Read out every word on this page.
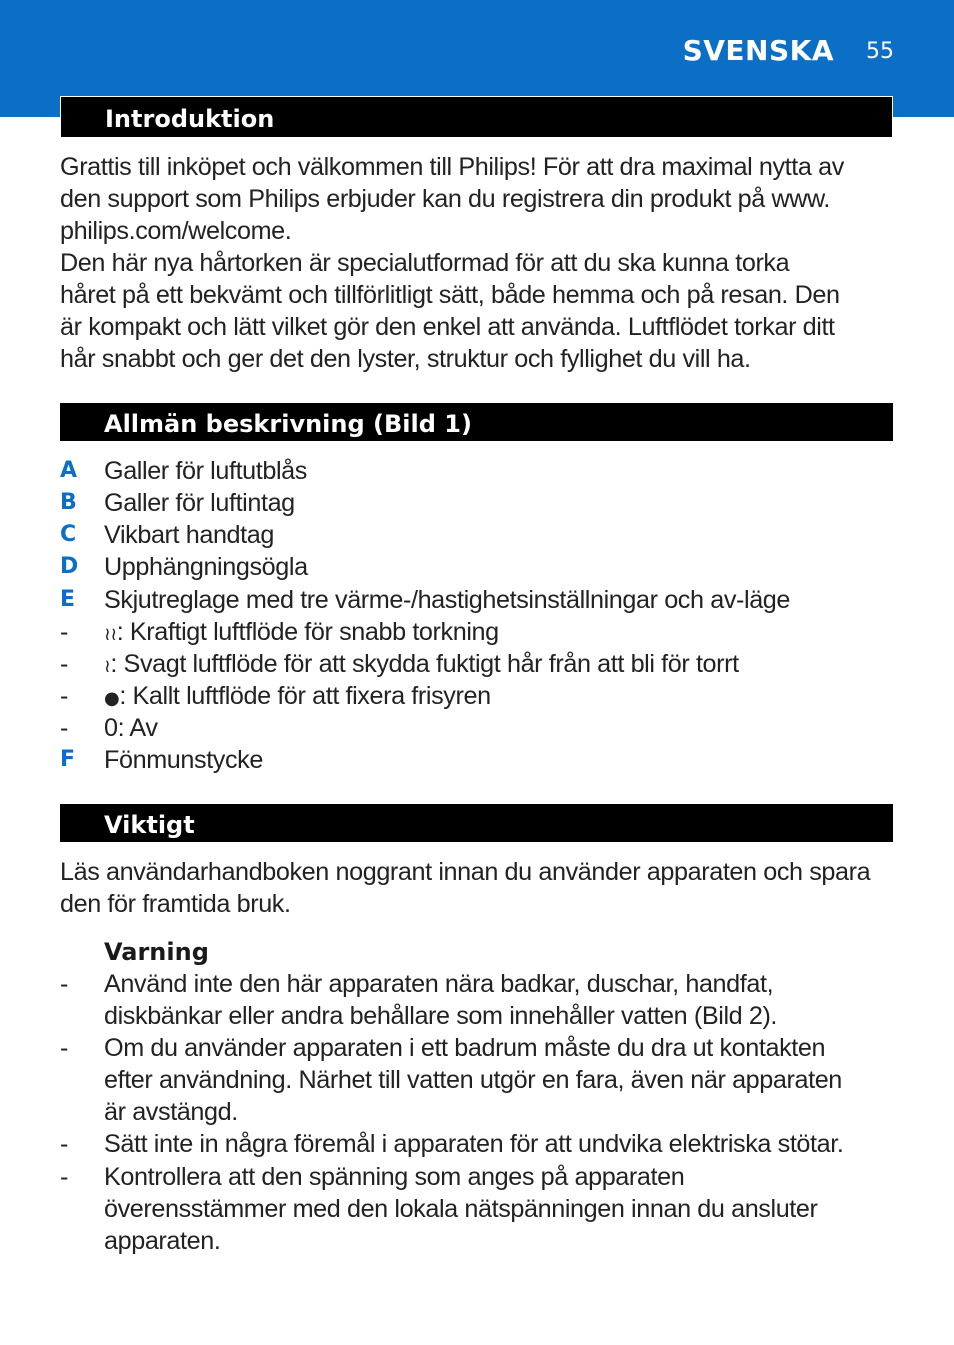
SVENSKA 55
Introduktion
Grattis till inköpet och välkommen till Philips! För att dra maximal nytta av
den support som Philips erbjuder kan du registrera din produkt på www.
philips.com/welcome.
Den här nya hårtorken är specialutformad för att du ska kunna torka
håret på ett bekvämt och tillförlitligt sätt, både hemma och på resan. Den
är kompakt och lätt vilket gör den enkel att använda. Luftflödet torkar ditt
hår snabbt och ger det den lyster, struktur och fyllighet du vill ha.
Allmän beskrivning (Bild 1)
A	Galler för luftutblås
B	Galler för luftintag
C	Vikbart handtag
D	Upphängningsögla
E	Skjutreglage med tre värme-/hastighetsinställningar och av-läge
-	≀≀: Kraftigt luftflöde för snabb torkning
-	≀: Svagt luftflöde för att skydda fuktigt hår från att bli för torrt
-	●: Kallt luftflöde för att fixera frisyren
-	0: Av
F	Fönmunstycke
Viktigt
Läs användarhandboken noggrant innan du använder apparaten och spara
den för framtida bruk.
Varning
-	Använd inte den här apparaten nära badkar, duschar, handfat,
diskbänkar eller andra behållare som innehåller vatten (Bild 2).
-	Om du använder apparaten i ett badrum måste du dra ut kontakten
efter användning. Närhet till vatten utgör en fara, även när apparaten
är avstängd.
-	Sätt inte in några föremål i apparaten för att undvika elektriska stötar.
-	Kontrollera att den spänning som anges på apparaten
överensstämmer med den lokala nätspänningen innan du ansluter
apparaten.
